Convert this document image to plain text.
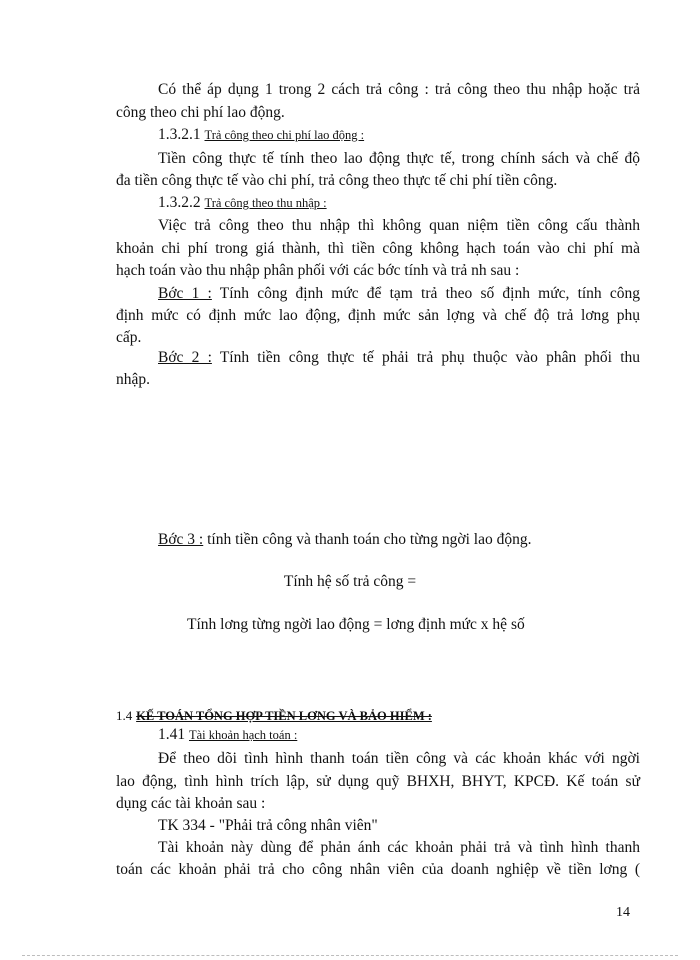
Có thể áp dụng 1 trong 2 cách trả công : trả công theo thu nhập hoặc trả
công theo chi phí lao động.
1.3.2.1 Trả công theo chi phí lao động :
Tiền công thực tế tính theo lao động thực tế, trong chính sách và chế độ
đa tiền công thực tế vào chi phí, trả công theo thực tế chi phí tiền công.
1.3.2.2 Trả công theo thu nhập :
Việc trả công theo thu nhập thì không quan niệm tiền công cấu thành
khoản chi phí trong giá thành, thì tiền công không hạch toán vào chi phí mà
hạch toán vào thu nhập phân phối với các bớc tính và trả nh sau :
Bớc 1 : Tính công định mức để tạm trả theo số định mức, tính công
định mức có định mức lao động, định mức sản lợng và chế độ trả lơng phụ
cấp.
Bớc 2 : Tính tiền công thực tế phải trả phụ thuộc vào phân phối thu
nhập.
Bớc 3 : tính tiền công và thanh toán cho từng ngời lao động.
Tính hệ số trả công =
Tính lơng từng ngời lao động = lơng định mức x hệ số
1.4 KẾ TOÁN TỔNG HỢP TIỀN LƠNG VÀ BẢO HIỂM :
1.41 Tài khoản hạch toán :
Để theo dõi tình hình thanh toán tiền công và các khoản khác với ngời
lao động, tình hình trích lập, sử dụng quỹ BHXH, BHYT, KPCĐ. Kế toán sử
dụng các tài khoản sau :
TK 334 - "Phải trả công nhân viên"
Tài khoản này dùng để phản ánh các khoản phải trả và tình hình thanh
toán các khoản phải trả cho công nhân viên của doanh nghiệp về tiền lơng (
14
